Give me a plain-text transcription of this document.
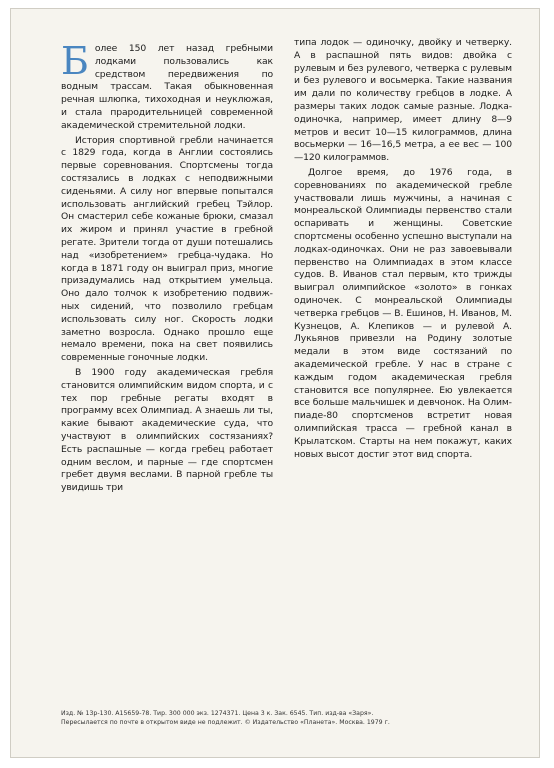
Более 150 лет назад гребными лодками пользовались как средством передвижения по водным трассам. Такая обыкновенная речная шлюпка, тихоходная и неуклюжая, и стала прародительницей современной академической стремительной лодки.

История спортивной гребли начинается с 1829 года, когда в Англии состоялись первые соревнования. Спортсмены тогда состязались в лодках с неподвижными сиденьями. А силу ног впервые попытался использовать английский гребец Тэйлор. Он смастерил себе кожаные брюки, смазал их жиром и принял участие в гребной регате. Зрители тогда от души потешались над «изобретением» гребца-чудака. Но когда в 1871 году он выиграл приз, многие призадумались над открытием умельца. Оно дало толчок к изобретению подвижных сидений, что позволило гребцам использовать силу ног. Скорость лодки заметно возросла. Однако прошло еще немало времени, пока на свет появились современные гоночные лодки.

В 1900 году академическая гребля становится олимпийским видом спорта, и с тех пор гребные регаты входят в программу всех Олимпиад. А знаешь ли ты, какие бывают академические суда, что участвуют в олимпийских состязаниях? Есть распашные — когда гребец работает одним веслом, и парные — где спортсмен гребет двумя веслами. В парной гребле ты увидишь три

типа лодок — одиночку, двойку и четверку. А в распашной пять видов: двойка с рулевым и без рулевого, четверка с рулевым и без рулевого и восьмерка. Такие названия им дали по количеству гребцов в лодке. А размеры таких лодок самые разные. Лодка-одиночка, например, имеет длину 8—9 метров и весит 10—15 килограммов, длина восьмерки — 16—16,5 метра, а ее вес — 100—120 килограммов.

Долгое время, до 1976 года, в соревнованиях по академической гребле участвовали лишь мужчины, а начиная с монреальской Олимпиады первенство стали оспаривать и женщины. Советские спортсмены особенно успешно выступали на лодках-одиночках. Они не раз завоевывали первенство на Олимпиадах в этом классе судов. В. Иванов стал первым, кто трижды выиграл олимпийское «золото» в гонках одиночек. С монреальской Олимпиады четверка гребцов — В. Ешинов, Н. Иванов, М. Кузнецов, А. Клепиков — и рулевой А. Лукьянов привезли на Родину золотые медали в этом виде состязаний по академической гребле. У нас в стране с каждым годом академическая гребля становится все популярнее. Ею увлекается все больше мальчишек и девчонок. На Олимпиаде-80 спортсменов встретит новая олимпийская трасса — гребной канал в Крылатском. Старты на нем покажут, каких новых высот достиг этот вид спорта.

Изд. № 13р-130. А15659-78. Тир. 300 000 экз. 1274371. Цена 3 к. Зак. 6545. Тип. изд-ва «Заря».
Пересылается по почте в открытом виде не подлежит. © Издательство «Планета». Москва. 1979 г.
